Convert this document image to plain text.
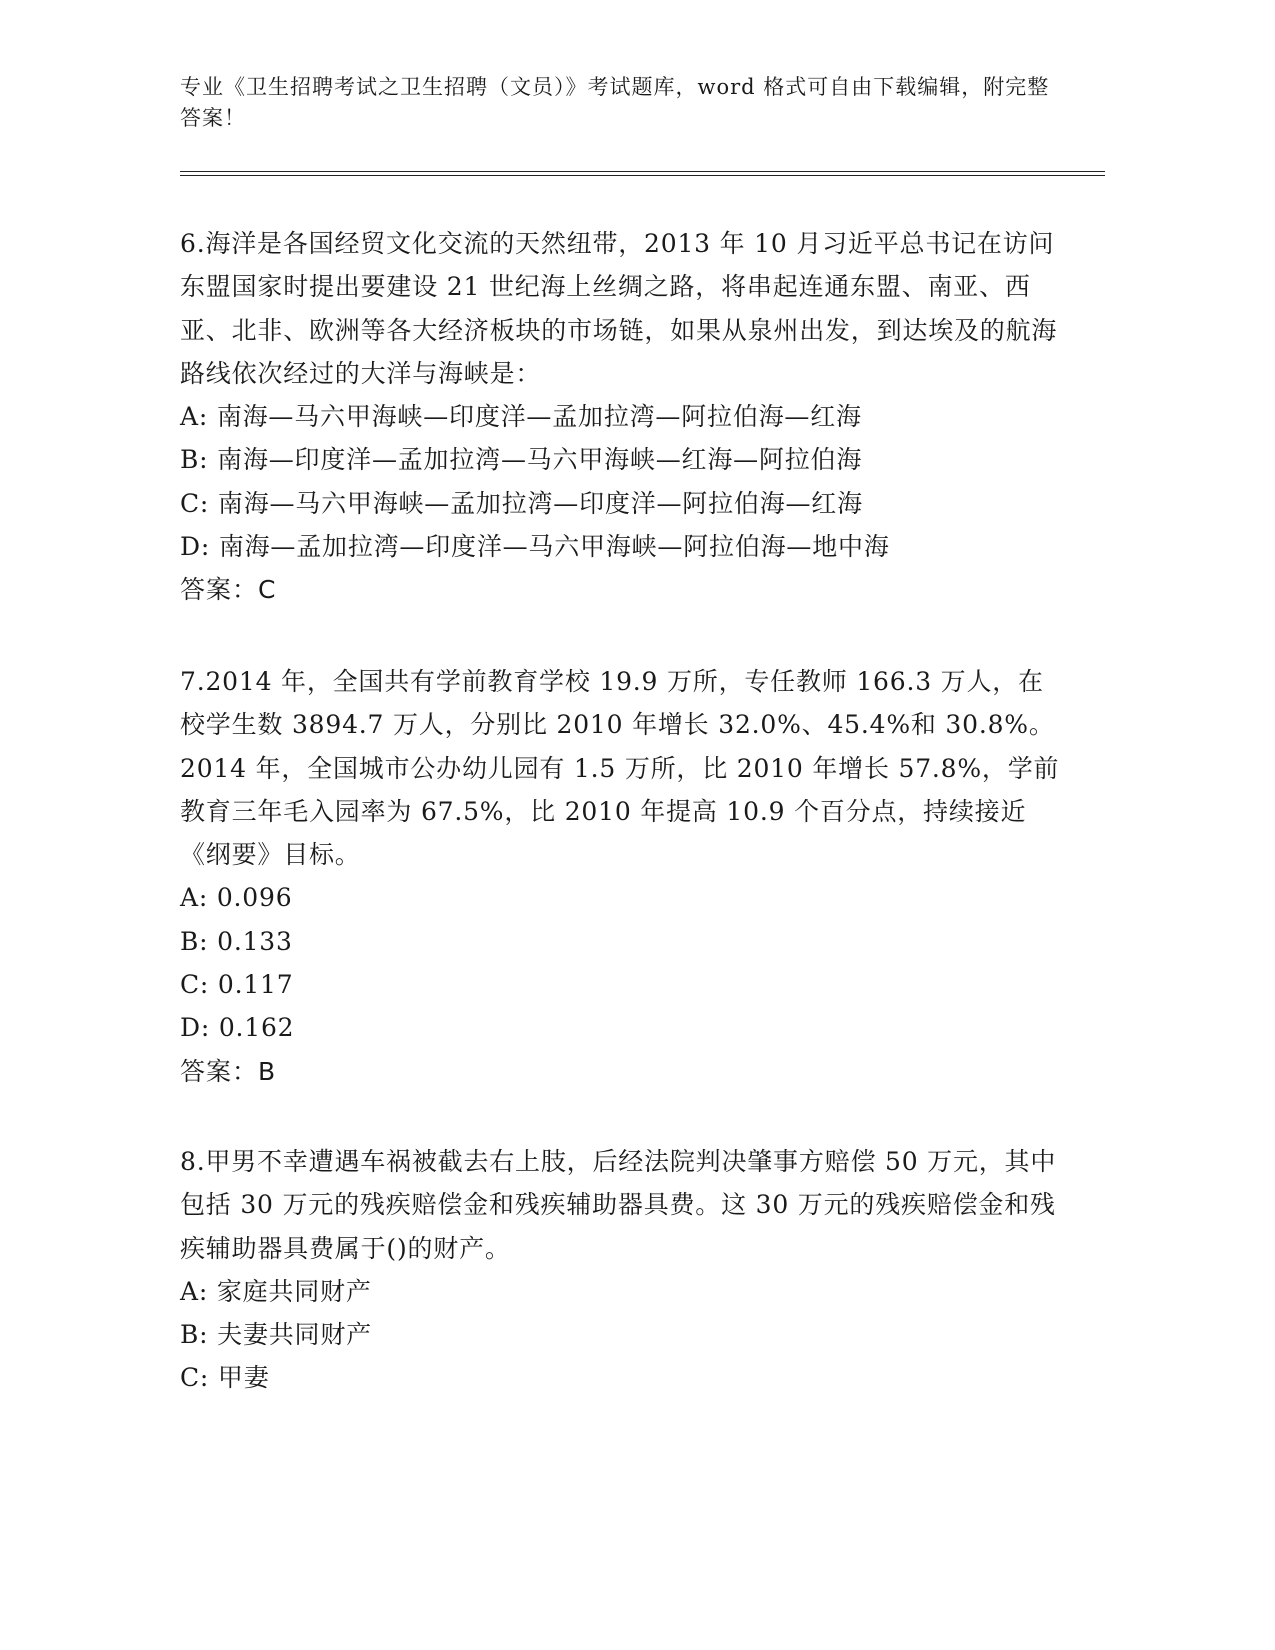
专业《卫生招聘考试之卫生招聘（文员）》考试题库，word 格式可自由下载编辑，附完整答案！

6.海洋是各国经贸文化交流的天然纽带，2013 年 10 月习近平总书记在访问东盟国家时提出要建设 21 世纪海上丝绸之路，将串起连通东盟、南亚、西亚、北非、欧洲等各大经济板块的市场链，如果从泉州出发，到达埃及的航海路线依次经过的大洋与海峡是：

A: 南海—马六甲海峡—印度洋—孟加拉湾—阿拉伯海—红海
B: 南海—印度洋—孟加拉湾—马六甲海峡—红海—阿拉伯海
C: 南海—马六甲海峡—孟加拉湾—印度洋—阿拉伯海—红海
D: 南海—孟加拉湾—印度洋—马六甲海峡—阿拉伯海—地中海

答案：C

7.2014 年，全国共有学前教育学校 19.9 万所，专任教师 166.3 万人，在校学生数 3894.7 万人，分别比 2010 年增长 32.0%、45.4%和 30.8%。2014 年，全国城市公办幼儿园有 1.5 万所，比 2010 年增长 57.8%，学前教育三年毛入园率为 67.5%，比 2010 年提高 10.9 个百分点，持续接近《纲要》目标。

A: 0.096
B: 0.133
C: 0.117
D: 0.162

答案：B

8.甲男不幸遭遇车祸被截去右上肢，后经法院判决肇事方赔偿 50 万元，其中包括 30 万元的残疾赔偿金和残疾辅助器具费。这 30 万元的残疾赔偿金和残疾辅助器具费属于()的财产。

A: 家庭共同财产
B: 夫妻共同财产
C: 甲妻
